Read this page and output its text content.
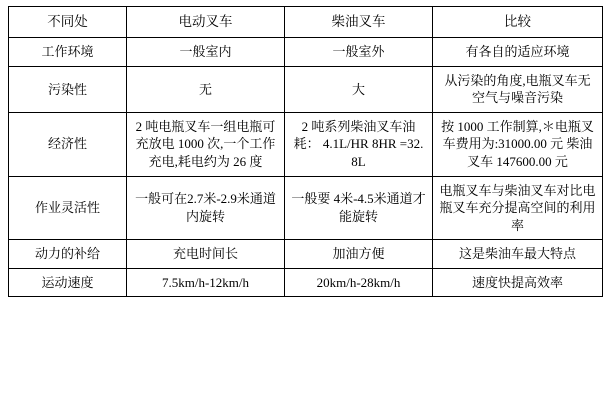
不同处	电动叉车	柴油叉车	比较
工作环境	一般室内	一般室外	有各自的适应环境
污染性	无	大	从污染的角度,电瓶叉车无空气与噪音污染
经济性	2 吨电瓶叉车一组电瓶可充放电 1000 次,一个工作充电,耗电约为 26 度	2 吨系列柴油叉车油耗： 4.1L/HR 8HR =32.8L	按 1000 工作制算,＊电瓶叉车费用为:31000.00 元 柴油叉车 147600.00 元
作业灵活性	一般可在2.7米-2.9米通道内旋转	一般要 4米-4.5米通道才能旋转	电瓶叉车与柴油叉车对比电瓶叉车充分提高空间的利用率
动力的补给	充电时间长	加油方便	这是柴油车最大特点
运动速度	7.5km/h-12km/h	20km/h-28km/h	速度快提高效率
